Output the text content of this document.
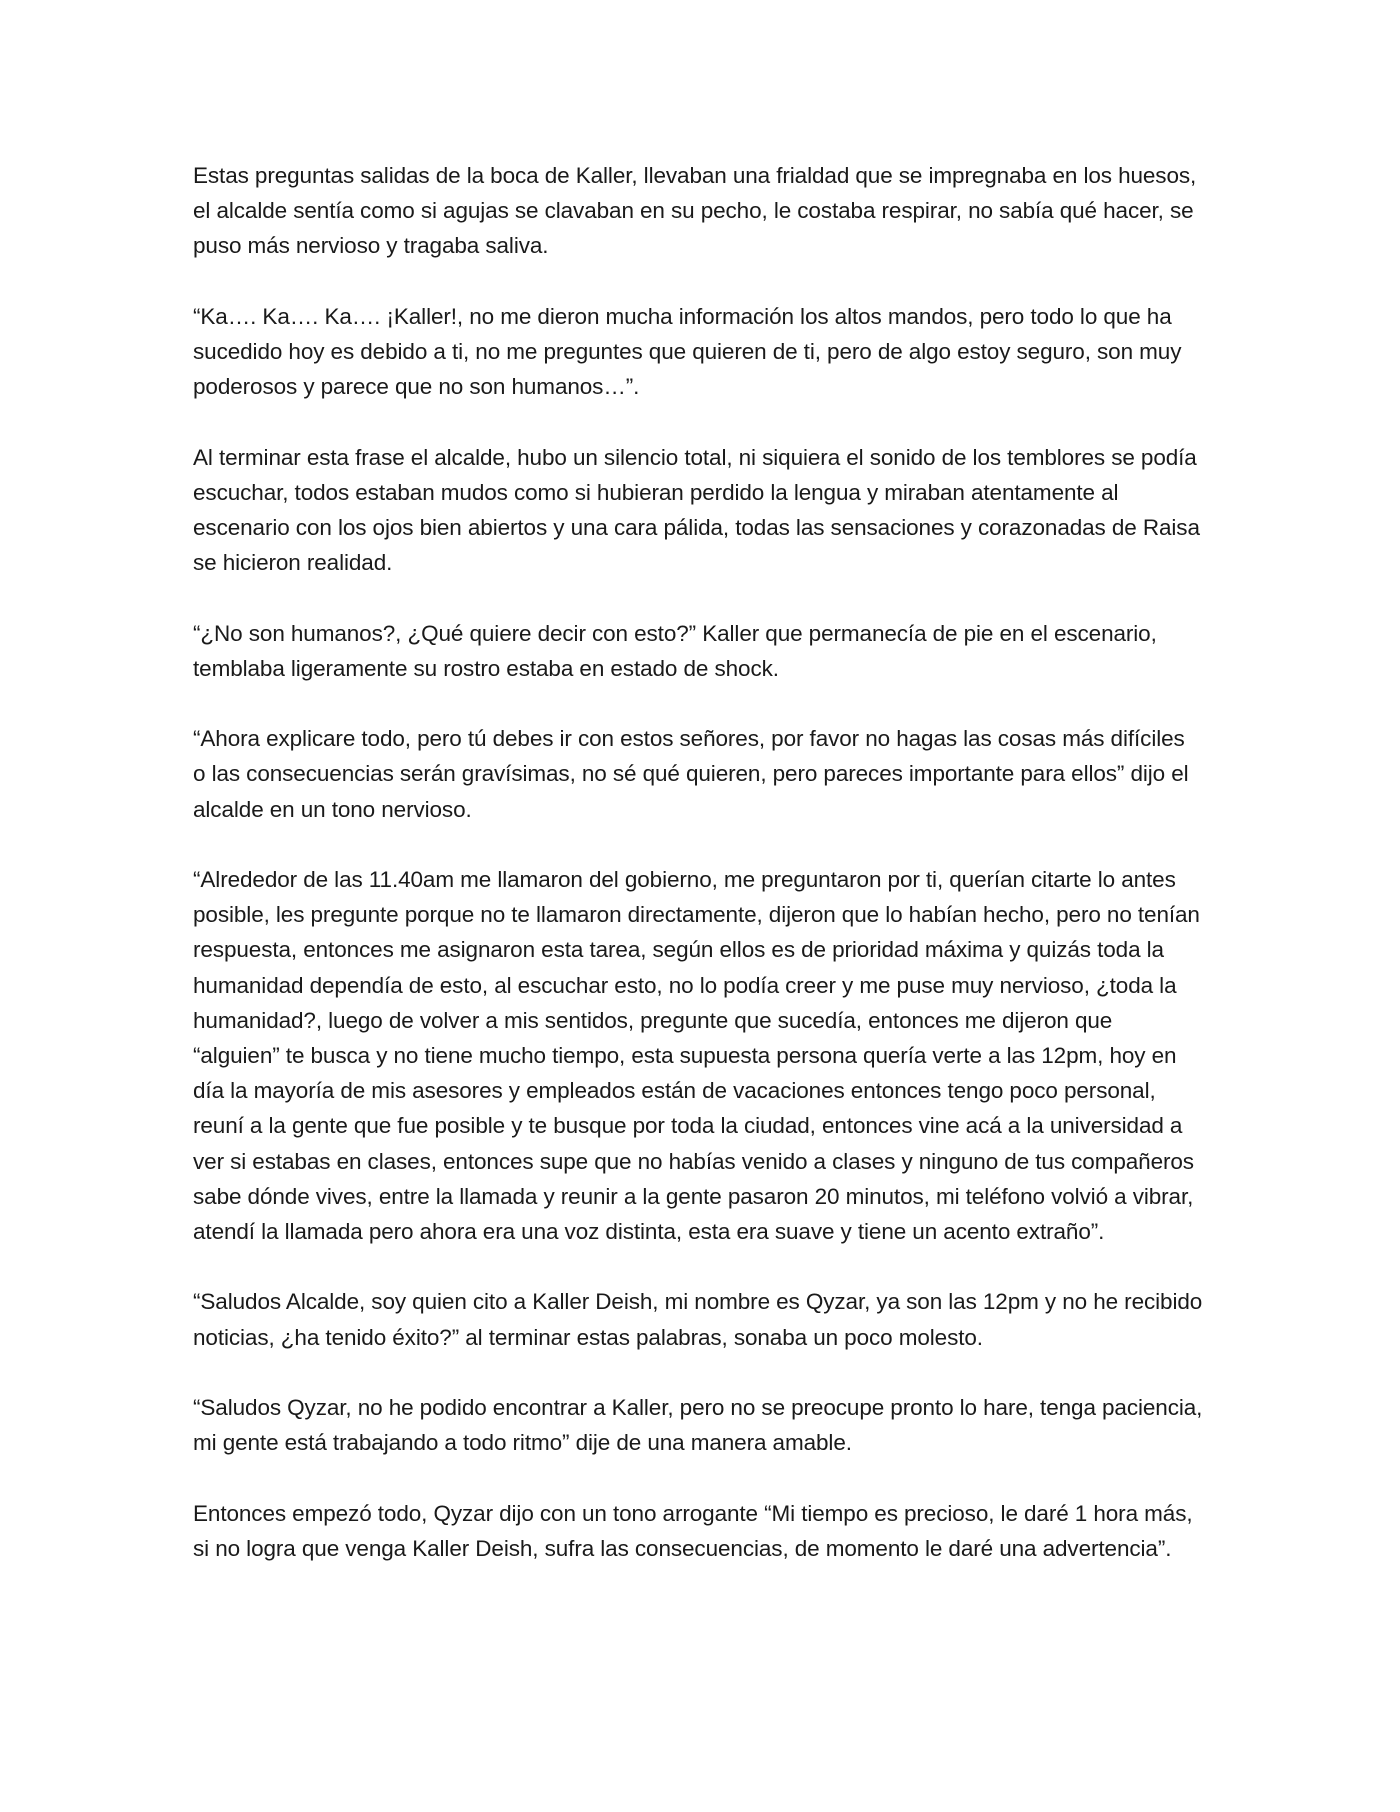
Estas preguntas salidas de la boca de Kaller, llevaban una frialdad que se impregnaba en los huesos, el alcalde sentía como si agujas se clavaban en su pecho, le costaba respirar, no sabía qué hacer, se puso más nervioso y tragaba saliva.

“Ka…. Ka…. Ka…. ¡Kaller!, no me dieron mucha información los altos mandos, pero todo lo que ha sucedido hoy es debido a ti, no me preguntes que quieren de ti, pero de algo estoy seguro, son muy poderosos y parece que no son humanos…”.

Al terminar esta frase el alcalde, hubo un silencio total, ni siquiera el sonido de los temblores se podía escuchar, todos estaban mudos como si hubieran perdido la lengua y miraban atentamente al escenario con los ojos bien abiertos y una cara pálida, todas las sensaciones y corazonadas de Raisa se hicieron realidad.

“¿No son humanos?, ¿Qué quiere decir con esto?” Kaller que permanecía de pie en el escenario, temblaba ligeramente su rostro estaba en estado de shock.

“Ahora explicare todo, pero tú debes ir con estos señores, por favor no hagas las cosas más difíciles o las consecuencias serán gravísimas, no sé qué quieren, pero pareces importante para ellos” dijo el alcalde en un tono nervioso.

“Alrededor de las 11.40am me llamaron del gobierno, me preguntaron por ti, querían citarte lo antes posible, les pregunte porque no te llamaron directamente, dijeron que lo habían hecho, pero no tenían respuesta, entonces me asignaron esta tarea, según ellos es de prioridad máxima y quizás toda la humanidad dependía de esto, al escuchar esto, no lo podía creer y me puse muy nervioso, ¿toda la humanidad?, luego de volver a mis sentidos, pregunte que sucedía, entonces me dijeron que “alguien” te busca y no tiene mucho tiempo, esta supuesta persona quería verte a las 12pm, hoy en día la mayoría de mis asesores y empleados están de vacaciones entonces tengo poco personal, reuní a la gente que fue posible y te busque por toda la ciudad, entonces vine acá a la universidad a ver si estabas en clases, entonces supe que no habías venido a clases y ninguno de tus compañeros sabe dónde vives, entre la llamada y reunir a la gente pasaron 20 minutos, mi teléfono volvió a vibrar, atendí la llamada pero ahora era una voz distinta, esta era suave y tiene un acento extraño”.

“Saludos Alcalde, soy quien cito a Kaller Deish, mi nombre es Qyzar, ya son las 12pm y no he recibido noticias, ¿ha tenido éxito?” al terminar estas palabras, sonaba un poco molesto.

“Saludos Qyzar, no he podido encontrar a Kaller, pero no se preocupe pronto lo hare, tenga paciencia, mi gente está trabajando a todo ritmo” dije de una manera amable.

Entonces empezó todo, Qyzar dijo con un tono arrogante “Mi tiempo es precioso, le daré 1 hora más, si no logra que venga Kaller Deish, sufra las consecuencias, de momento le daré una advertencia”.
